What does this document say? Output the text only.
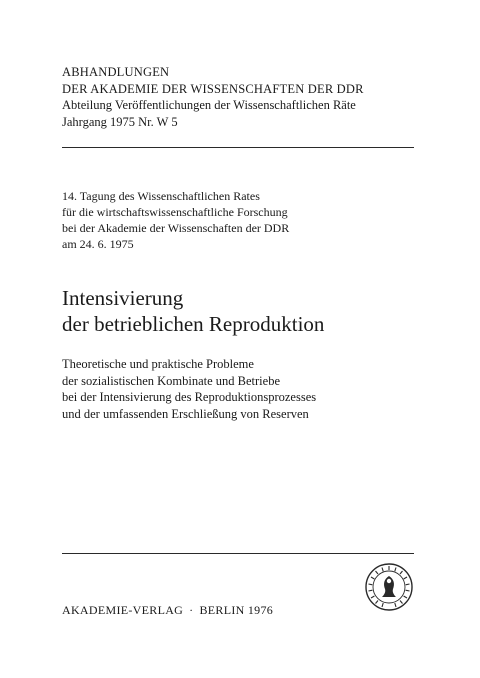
ABHANDLUNGEN
DER AKADEMIE DER WISSENSCHAFTEN DER DDR
Abteilung Veröffentlichungen der Wissenschaftlichen Räte
Jahrgang 1975 Nr. W 5
14. Tagung des Wissenschaftlichen Rates
für die wirtschaftswissenschaftliche Forschung
bei der Akademie der Wissenschaften der DDR
am 24. 6. 1975
Intensivierung
der betrieblichen Reproduktion
Theoretische und praktische Probleme
der sozialistischen Kombinate und Betriebe
bei der Intensivierung des Reproduktionsprozesses
und der umfassenden Erschließung von Reserven
AKADEMIE-VERLAG · BERLIN 1976
